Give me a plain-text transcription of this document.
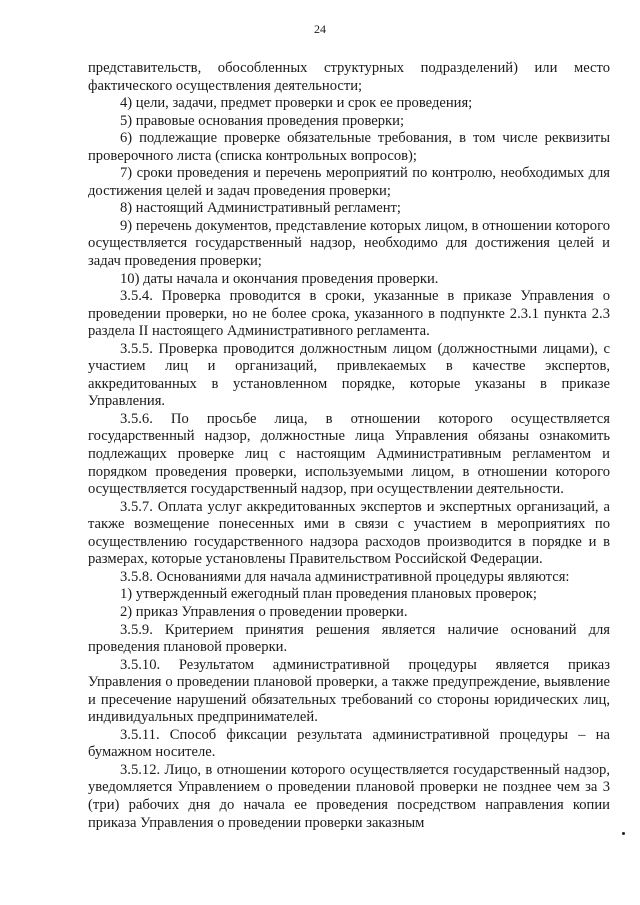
24

представительств, обособленных структурных подразделений) или место фактического осуществления деятельности;

4) цели, задачи, предмет проверки и срок ее проведения;

5) правовые основания проведения проверки;

6) подлежащие проверке обязательные требования, в том числе реквизиты проверочного листа (списка контрольных вопросов);

7) сроки проведения и перечень мероприятий по контролю, необходимых для достижения целей и задач проведения проверки;

8) настоящий Административный регламент;

9) перечень документов, представление которых лицом, в отношении которого осуществляется государственный надзор, необходимо для достижения целей и задач проведения проверки;

10) даты начала и окончания проведения проверки.

3.5.4. Проверка проводится в сроки, указанные в приказе Управления о проведении проверки, но не более срока, указанного в подпункте 2.3.1 пункта 2.3 раздела II настоящего Административного регламента.

3.5.5. Проверка проводится должностным лицом (должностными лицами), с участием лиц и организаций, привлекаемых в качестве экспертов, аккредитованных в установленном порядке, которые указаны в приказе Управления.

3.5.6. По просьбе лица, в отношении которого осуществляется государственный надзор, должностные лица Управления обязаны ознакомить подлежащих проверке лиц с настоящим Административным регламентом и порядком проведения проверки, используемыми лицом, в отношении которого осуществляется государственный надзор, при осуществлении деятельности.

3.5.7. Оплата услуг аккредитованных экспертов и экспертных организаций, а также возмещение понесенных ими в связи с участием в мероприятиях по осуществлению государственного надзора расходов производится в порядке и в размерах, которые установлены Правительством Российской Федерации.

3.5.8. Основаниями для начала административной процедуры являются:

1) утвержденный ежегодный план проведения плановых проверок;

2) приказ Управления о проведении проверки.

3.5.9. Критерием принятия решения является наличие оснований для проведения плановой проверки.

3.5.10. Результатом административной процедуры является приказ Управления о проведении плановой проверки, а также предупреждение, выявление и пресечение нарушений обязательных требований со стороны юридических лиц, индивидуальных предпринимателей.

3.5.11. Способ фиксации результата административной процедуры – на бумажном носителе.

3.5.12. Лицо, в отношении которого осуществляется государственный надзор, уведомляется Управлением о проведении плановой проверки не позднее чем за 3 (три) рабочих дня до начала ее проведения посредством направления копии приказа Управления о проведении проверки заказным
